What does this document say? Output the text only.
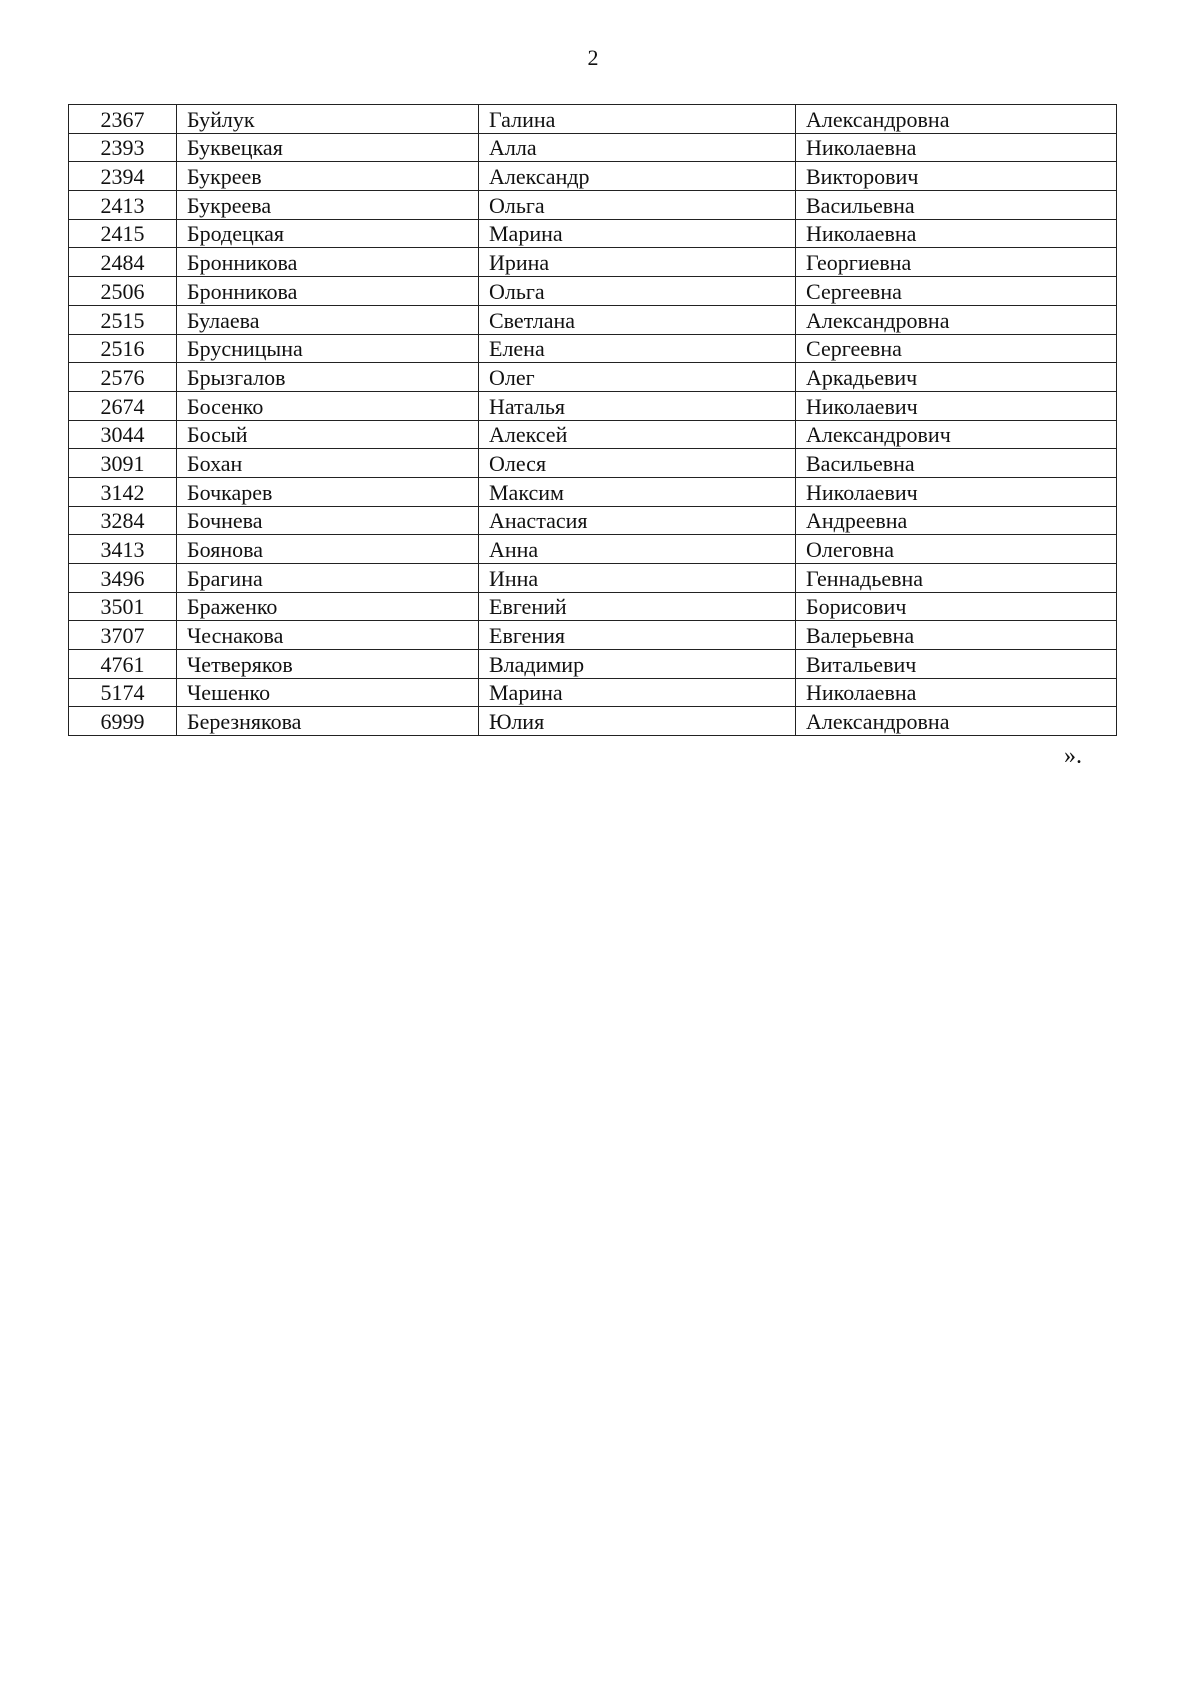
2
2367	Буйлук	Галина	Александровна
2393	Буквецкая	Алла	Николаевна
2394	Букреев	Александр	Викторович
2413	Букреева	Ольга	Васильевна
2415	Бродецкая	Марина	Николаевна
2484	Бронникова	Ирина	Георгиевна
2506	Бронникова	Ольга	Сергеевна
2515	Булаева	Светлана	Александровна
2516	Брусницына	Елена	Сергеевна
2576	Брызгалов	Олег	Аркадьевич
2674	Босенко	Наталья	Николаевич
3044	Босый	Алексей	Александрович
3091	Бохан	Олеся	Васильевна
3142	Бочкарев	Максим	Николаевич
3284	Бочнева	Анастасия	Андреевна
3413	Боянова	Анна	Олеговна
3496	Брагина	Инна	Геннадьевна
3501	Браженко	Евгений	Борисович
3707	Чеснакова	Евгения	Валерьевна
4761	Четверяков	Владимир	Витальевич
5174	Чешенко	Марина	Николаевна
6999	Березнякова	Юлия	Александровна
».
